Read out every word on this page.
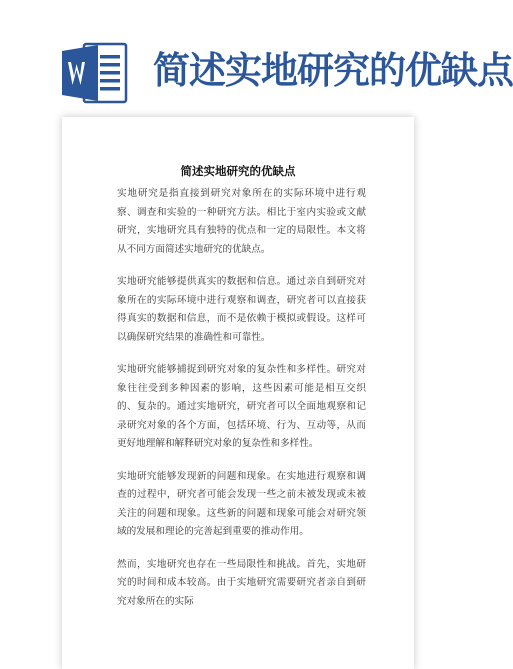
简述实地研究的优缺点
简述实地研究的优缺点

实地研究是指直接到研究对象所在的实际环境中进行观察、调查和实验的一种研究方法。相比于室内实验或文献研究，实地研究具有独特的优点和一定的局限性。本文将从不同方面简述实地研究的优缺点。

实地研究能够提供真实的数据和信息。通过亲自到研究对象所在的实际环境中进行观察和调查，研究者可以直接获得真实的数据和信息，而不是依赖于模拟或假设。这样可以确保研究结果的准确性和可靠性。

实地研究能够捕捉到研究对象的复杂性和多样性。研究对象往往受到多种因素的影响，这些因素可能是相互交织的、复杂的。通过实地研究，研究者可以全面地观察和记录研究对象的各个方面，包括环境、行为、互动等，从而更好地理解和解释研究对象的复杂性和多样性。

实地研究能够发现新的问题和现象。在实地进行观察和调查的过程中，研究者可能会发现一些之前未被发现或未被关注的问题和现象。这些新的问题和现象可能会对研究领域的发展和理论的完善起到重要的推动作用。

然而，实地研究也存在一些局限性和挑战。首先，实地研究的时间和成本较高。由于实地研究需要研究者亲自到研究对象所在的实际
